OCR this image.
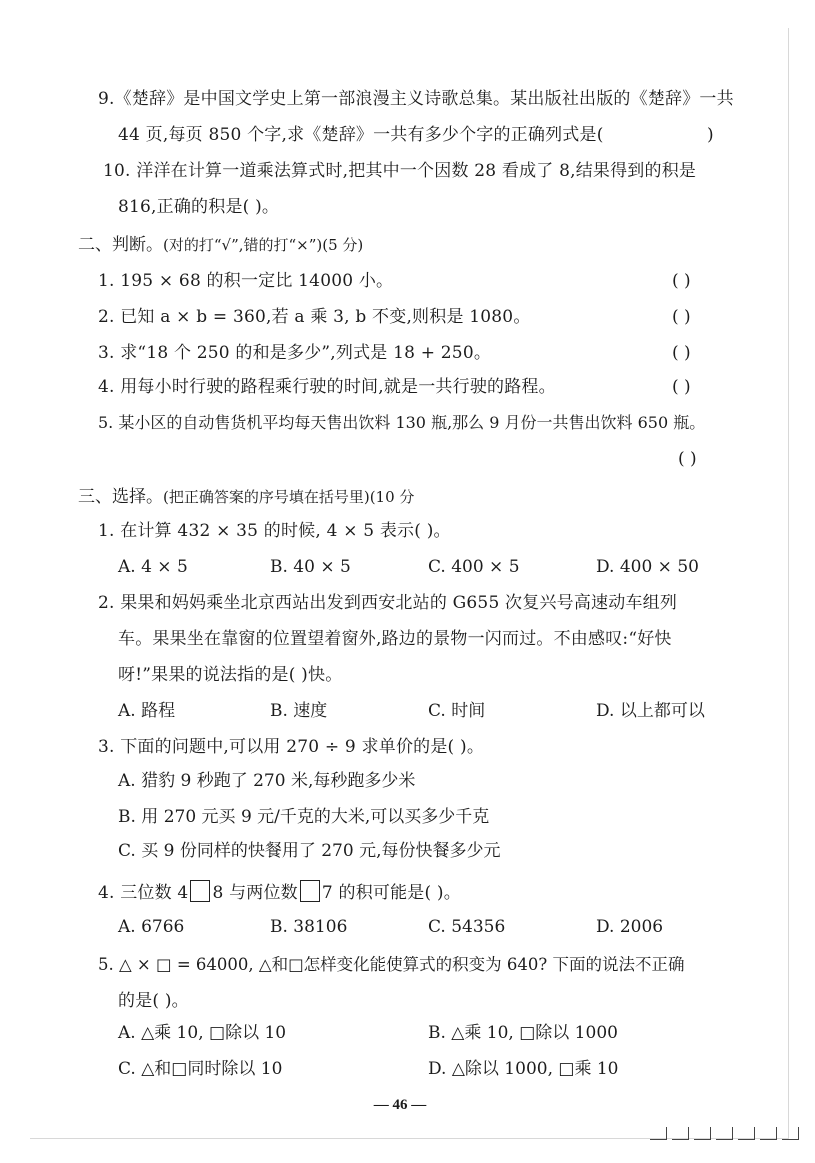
9.《楚辞》是中国文学史上第一部浪漫主义诗歌总集。某出版社出版的《楚辞》一共
44 页,每页 850 个字,求《楚辞》一共有多少个字的正确列式是(	)
10. 洋洋在计算一道乘法算式时,把其中一个因数 28 看成了 8,结果得到的积是
816,正确的积是( )。
二、判断。(对的打“√”,错的打“×”)(5 分)
1. 195 × 68 的积一定比 14000 小。	( )
2. 已知 a × b = 360,若 a 乘 3, b 不变,则积是 1080。	( )
3. 求“18 个 250 的和是多少”,列式是 18 + 250。	( )
4. 用每小时行驶的路程乘行驶的时间,就是一共行驶的路程。	( )
5. 某小区的自动售货机平均每天售出饮料 130 瓶,那么 9 月份一共售出饮料 650 瓶。
( )
三、选择。(把正确答案的序号填在括号里)(10 分
1. 在计算 432 × 35 的时候, 4 × 5 表示( )。
A. 4 × 5	B. 40 × 5	C. 400 × 5	D. 400 × 50
2. 果果和妈妈乘坐北京西站出发到西安北站的 G655 次复兴号高速动车组列
车。果果坐在靠窗的位置望着窗外,路边的景物一闪而过。不由感叹:“好快
呀!”果果的说法指的是( )快。
A. 路程	B. 速度	C. 时间	D. 以上都可以
3. 下面的问题中,可以用 270 ÷ 9 求单价的是( )。
A. 猎豹 9 秒跑了 270 米,每秒跑多少米
B. 用 270 元买 9 元/千克的大米,可以买多少千克
C. 买 9 份同样的快餐用了 270 元,每份快餐多少元
4. 三位数 4 8 与两位数 7 的积可能是( )。
A. 6766	B. 38106	C. 54356	D. 2006
5. △ × □ = 64000, △和□怎样变化能使算式的积变为 640? 下面的说法不正确
的是( )。
A. △乘 10, □除以 10	B. △乘 10, □除以 1000
C. △和□同时除以 10	D. △除以 1000, □乘 10
— 46 —
